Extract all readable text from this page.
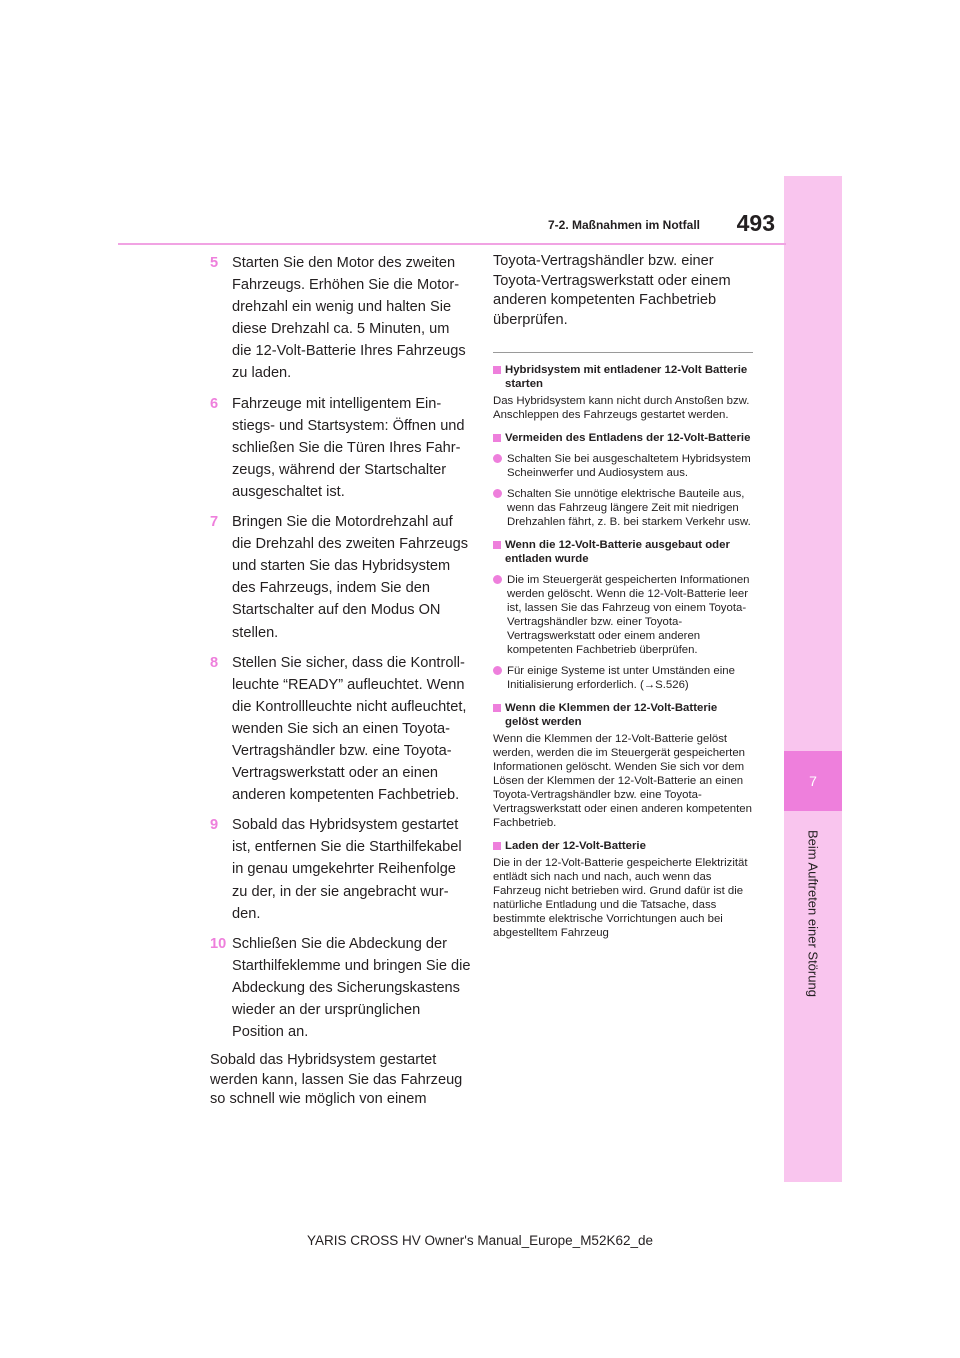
7
Beim Auftreten einer Störung
7-2. Maßnahmen im Notfall	493
5 Starten Sie den Motor des zweiten Fahrzeugs. Erhöhen Sie die Motordrehzahl ein wenig und halten Sie diese Drehzahl ca. 5 Minuten, um die 12-Volt-Batterie Ihres Fahrzeugs zu laden.
6 Fahrzeuge mit intelligentem Einstiegs- und Startsystem: Öffnen und schließen Sie die Türen Ihres Fahrzeugs, während der Startschalter ausgeschaltet ist.
7 Bringen Sie die Motordrehzahl auf die Drehzahl des zweiten Fahrzeugs und starten Sie das Hybridsystem des Fahrzeugs, indem Sie den Startschalter auf den Modus ON stellen.
8 Stellen Sie sicher, dass die Kontrollleuchte “READY” aufleuchtet. Wenn die Kontrollleuchte nicht aufleuchtet, wenden Sie sich an einen Toyota-Vertragshändler bzw. eine Toyota-Vertragswerkstatt oder an einen anderen kompetenten Fachbetrieb.
9 Sobald das Hybridsystem gestartet ist, entfernen Sie die Starthilfekabel in genau umgekehrter Reihenfolge zu der, in der sie angebracht wurden.
10 Schließen Sie die Abdeckung der Starthilfeklemme und bringen Sie die Abdeckung des Sicherungskastens wieder an der ursprünglichen Position an.
Sobald das Hybridsystem gestartet werden kann, lassen Sie das Fahrzeug so schnell wie möglich von einem
Toyota-Vertragshändler bzw. einer Toyota-Vertragswerkstatt oder einem anderen kompetenten Fachbetrieb überprüfen.
Hybridsystem mit entladener 12-Volt Batterie starten
Das Hybridsystem kann nicht durch Anstoßen bzw. Anschleppen des Fahrzeugs gestartet werden.
Vermeiden des Entladens der 12-Volt-Batterie
Schalten Sie bei ausgeschaltetem Hybridsystem Scheinwerfer und Audiosystem aus.
Schalten Sie unnötige elektrische Bauteile aus, wenn das Fahrzeug längere Zeit mit niedrigen Drehzahlen fährt, z. B. bei starkem Verkehr usw.
Wenn die 12-Volt-Batterie ausgebaut oder entladen wurde
Die im Steuergerät gespeicherten Informationen werden gelöscht. Wenn die 12-Volt-Batterie leer ist, lassen Sie das Fahrzeug von einem Toyota-Vertragshändler bzw. einer Toyota-Vertragswerkstatt oder einem anderen kompetenten Fachbetrieb überprüfen.
Für einige Systeme ist unter Umständen eine Initialisierung erforderlich. (→S.526)
Wenn die Klemmen der 12-Volt-Batterie gelöst werden
Wenn die Klemmen der 12-Volt-Batterie gelöst werden, werden die im Steuergerät gespeicherten Informationen gelöscht. Wenden Sie sich vor dem Lösen der Klemmen der 12-Volt-Batterie an einen Toyota-Vertragshändler bzw. eine Toyota-Vertragswerkstatt oder einen anderen kompetenten Fachbetrieb.
Laden der 12-Volt-Batterie
Die in der 12-Volt-Batterie gespeicherte Elektrizität entlädt sich nach und nach, auch wenn das Fahrzeug nicht betrieben wird. Grund dafür ist die natürliche Entladung und die Tatsache, dass bestimmte elektrische Vorrichtungen auch bei abgestelltem Fahrzeug
YARIS CROSS HV Owner's Manual_Europe_M52K62_de
